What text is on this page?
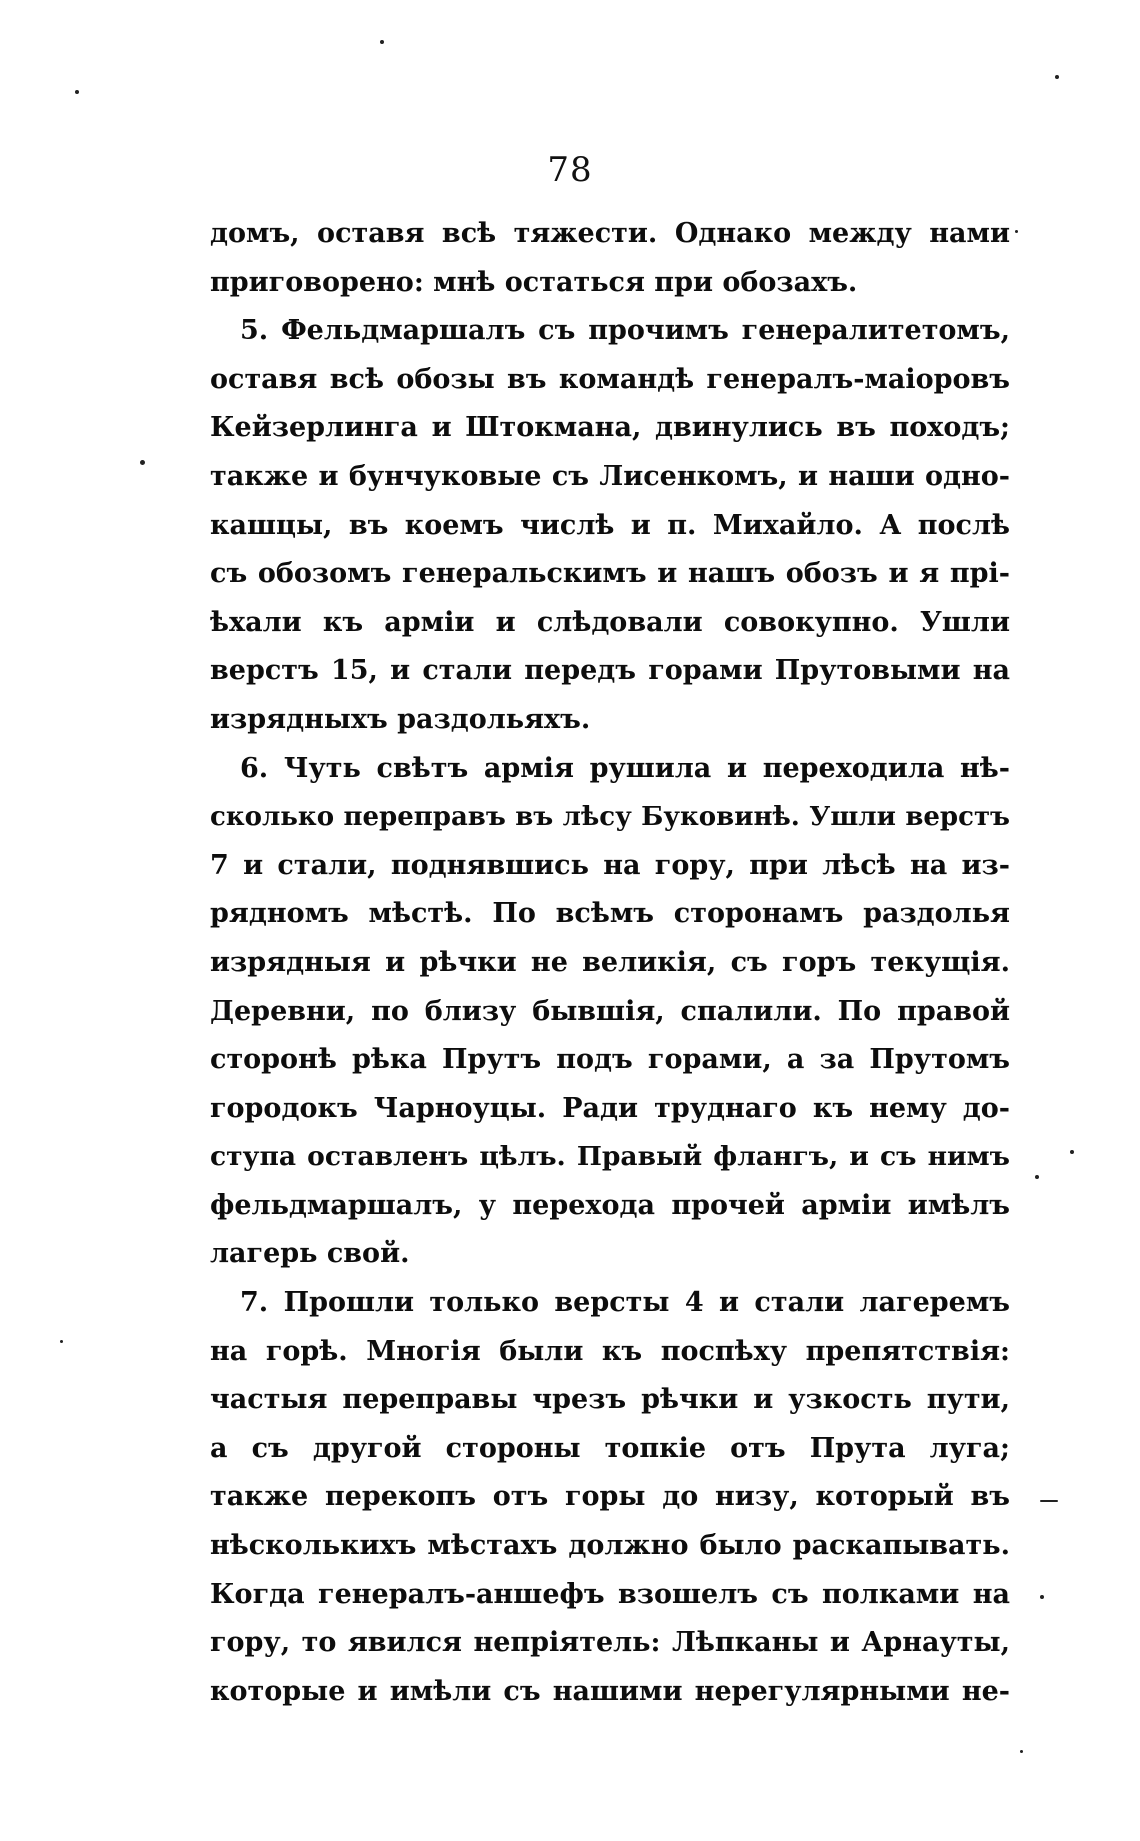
78
домъ, оставя всѣ тяжести. Однако между нами
приговорено: мнѣ остаться при обозахъ.
5. Фельдмаршалъ съ прочимъ генералитетомъ,
оставя всѣ обозы въ командѣ генералъ-маіоровъ
Кейзерлинга и Штокмана, двинулись въ походъ;
также и бунчуковые съ Лисенкомъ, и наши одно-
кашцы, въ коемъ числѣ и п. Михайло. А послѣ
съ обозомъ генеральскимъ и нашъ обозъ и я прі-
ѣхали къ арміи и слѣдовали совокупно. Ушли
верстъ 15, и стали передъ горами Прутовыми на
изрядныхъ раздольяхъ.
6. Чуть свѣтъ армія рушила и переходила нѣ-
сколько переправъ въ лѣсу Буковинѣ. Ушли верстъ
7 и стали, поднявшись на гору, при лѣсѣ на из-
рядномъ мѣстѣ. По всѣмъ сторонамъ раздолья
изрядныя и рѣчки не великія, съ горъ текущія.
Деревни, по близу бывшія, спалили. По правой
сторонѣ рѣка Прутъ подъ горами, а за Прутомъ
городокъ Чарноуцы. Ради труднаго къ нему до-
ступа оставленъ цѣлъ. Правый флангъ, и съ нимъ
фельдмаршалъ, у перехода прочей арміи имѣлъ
лагерь свой.
7. Прошли только версты 4 и стали лагеремъ
на горѣ. Многія были къ поспѣху препятствія:
частыя переправы чрезъ рѣчки и узкость пути,
а съ другой стороны топкіе отъ Прута луга;
также перекопъ отъ горы до низу, который въ
нѣсколькихъ мѣстахъ должно было раскапывать.
Когда генералъ-аншефъ взошелъ съ полками на
гору, то явился непріятель: Лѣпканы и Арнауты,
которые и имѣли съ нашими нерегулярными не-
